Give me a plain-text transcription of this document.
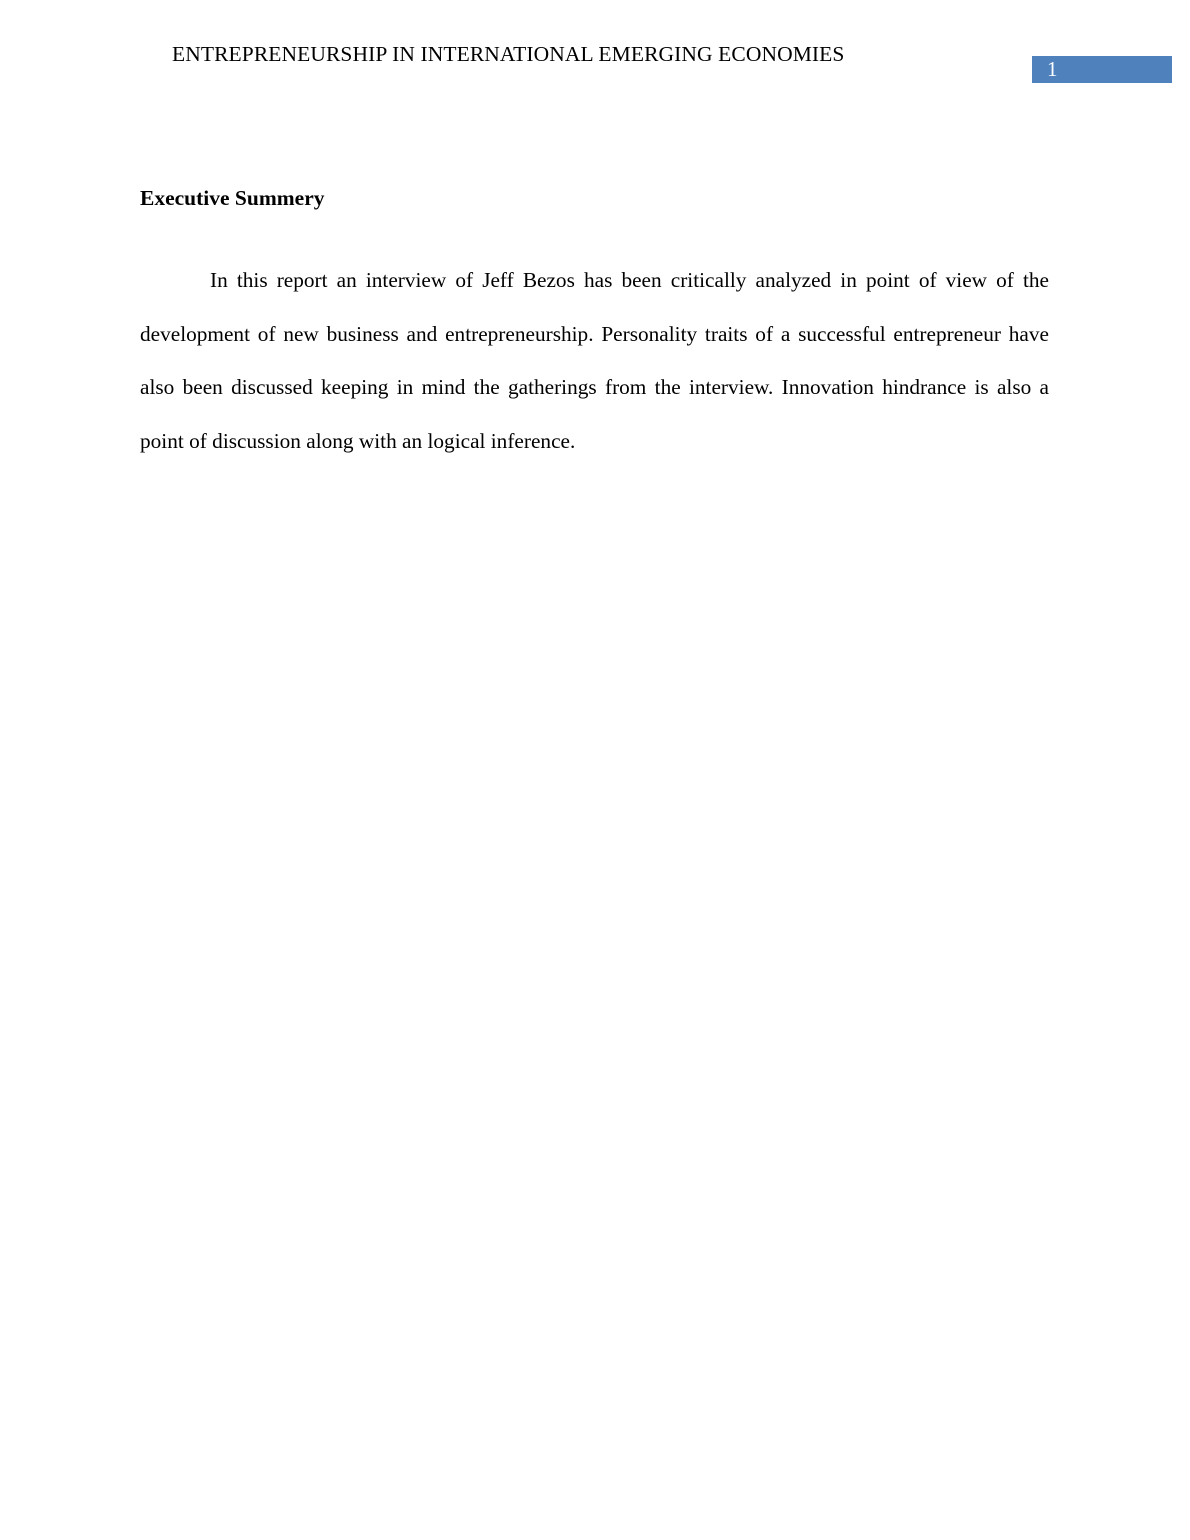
ENTREPRENEURSHIP IN INTERNATIONAL EMERGING ECONOMIES
1
Executive Summery

In this report an interview of Jeff Bezos has been critically analyzed in point of view of the development of new business and entrepreneurship. Personality traits of a successful entrepreneur have also been discussed keeping in mind the gatherings from the interview. Innovation hindrance is also a point of discussion along with an logical inference.
